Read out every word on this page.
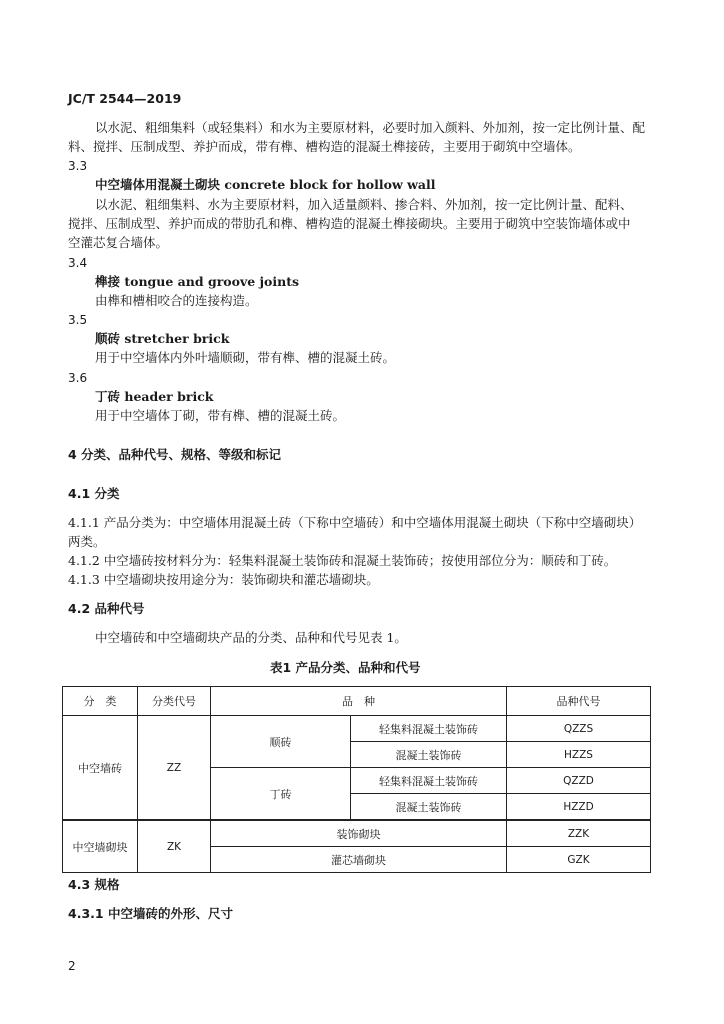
JC/T 2544—2019
以水泥、粗细集料（或轻集料）和水为主要原材料，必要时加入颜料、外加剂，按一定比例计量、配
料、搅拌、压制成型、养护而成，带有榫、槽构造的混凝土榫接砖，主要用于砌筑中空墙体。
3.3
中空墙体用混凝土砌块 concrete block for hollow wall
以水泥、粗细集料、水为主要原材料，加入适量颜料、掺合料、外加剂，按一定比例计量、配料、
搅拌、压制成型、养护而成的带肋孔和榫、槽构造的混凝土榫接砌块。主要用于砌筑中空装饰墙体或中
空灌芯复合墙体。
3.4
榫接 tongue and groove joints
由榫和槽相咬合的连接构造。
3.5
顺砖 stretcher brick
用于中空墙体内外叶墙顺砌，带有榫、槽的混凝土砖。
3.6
丁砖 header brick
用于中空墙体丁砌，带有榫、槽的混凝土砖。
4 分类、品种代号、规格、等级和标记
4.1 分类
4.1.1 产品分类为：中空墙体用混凝土砖（下称中空墙砖）和中空墙体用混凝土砌块（下称中空墙砌块）
两类。
4.1.2 中空墙砖按材料分为：轻集料混凝土装饰砖和混凝土装饰砖；按使用部位分为：顺砖和丁砖。
4.1.3 中空墙砌块按用途分为：装饰砌块和灌芯墙砌块。
4.2 品种代号
中空墙砖和中空墙砌块产品的分类、品种和代号见表 1。
表1 产品分类、品种和代号
分　类	分类代号	品　种		品种代号
中空墙砖	ZZ	顺砖	轻集料混凝土装饰砖	QZZS
			混凝土装饰砖	HZZS
		丁砖	轻集料混凝土装饰砖	QZZD
			混凝土装饰砖	HZZD
中空墙砌块	ZK	装饰砌块		ZZK
		灌芯墙砌块		GZK
4.3 规格
4.3.1 中空墙砖的外形、尺寸
2
